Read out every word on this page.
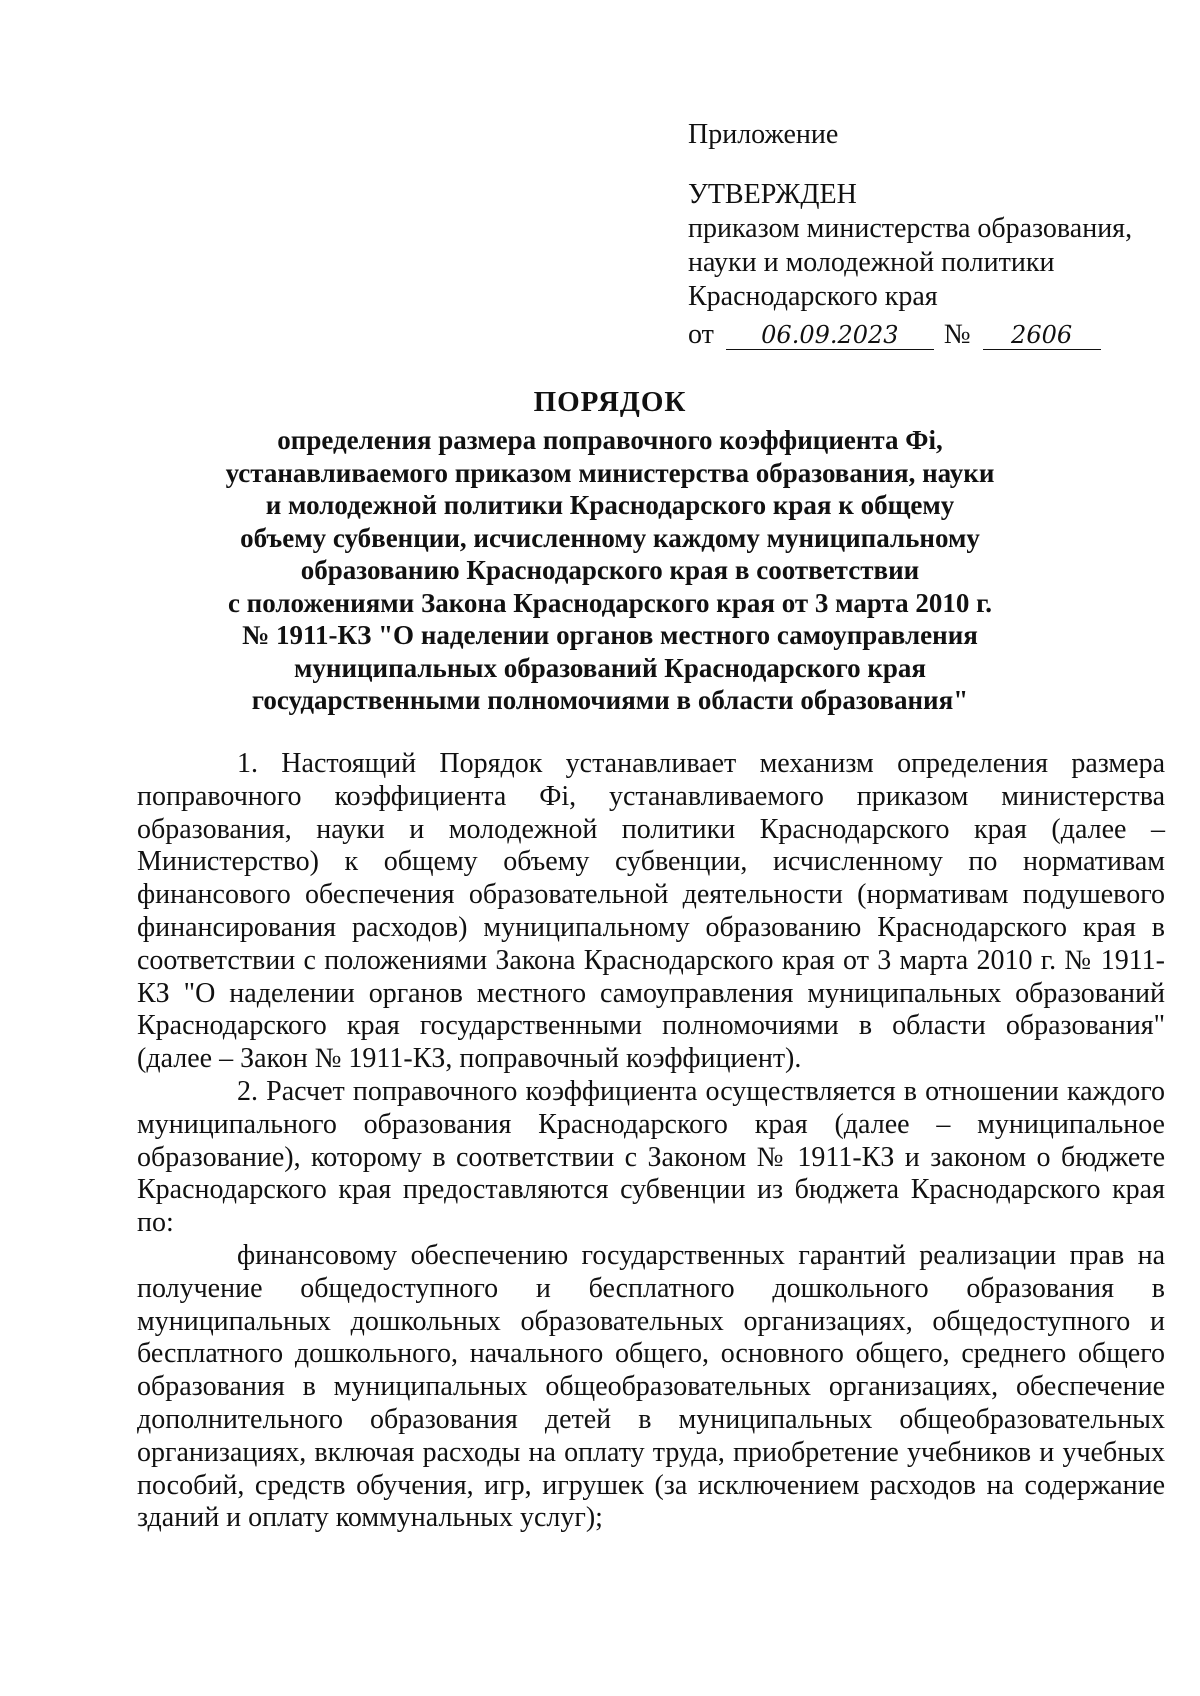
Приложение

УТВЕРЖДЕН

приказом министерства образования,

науки и молодежной политики

Краснодарского края

от	06.09.2023	№	2606

ПОРЯДОК

определения размера поправочного коэффициента Фi,
устанавливаемого приказом министерства образования, науки
и молодежной политики Краснодарского края к общему
объему субвенции, исчисленному каждому муниципальному
образованию Краснодарского края в соответствии
с положениями Закона Краснодарского края от 3 марта 2010 г.
№ 1911-КЗ "О наделении органов местного самоуправления
муниципальных образований Краснодарского края
государственными полномочиями в области образования"

1. Настоящий Порядок устанавливает механизм определения размера поправочного коэффициента Фi, устанавливаемого приказом министерства образования, науки и молодежной политики Краснодарского края (далее – Министерство) к общему объему субвенции, исчисленному по нормативам финансового обеспечения образовательной деятельности (нормативам подушевого финансирования расходов) муниципальному образованию Краснодарского края в соответствии с положениями Закона Краснодарского края от 3 марта 2010 г. № 1911-КЗ "О наделении органов местного самоуправления муниципальных образований Краснодарского края государственными полномочиями в области образования" (далее – Закон № 1911-КЗ, поправочный коэффициент).

2. Расчет поправочного коэффициента осуществляется в отношении каждого муниципального образования Краснодарского края (далее – муниципальное образование), которому в соответствии с Законом № 1911-КЗ и законом о бюджете Краснодарского края предоставляются субвенции из бюджета Краснодарского края по:

финансовому обеспечению государственных гарантий реализации прав на получение общедоступного и бесплатного дошкольного образования в муниципальных дошкольных образовательных организациях, общедоступного и бесплатного дошкольного, начального общего, основного общего, среднего общего образования в муниципальных общеобразовательных организациях, обеспечение дополнительного образования детей в муниципальных общеобразовательных организациях, включая расходы на оплату труда, приобретение учебников и учебных пособий, средств обучения, игр, игрушек (за исключением расходов на содержание зданий и оплату коммунальных услуг);
